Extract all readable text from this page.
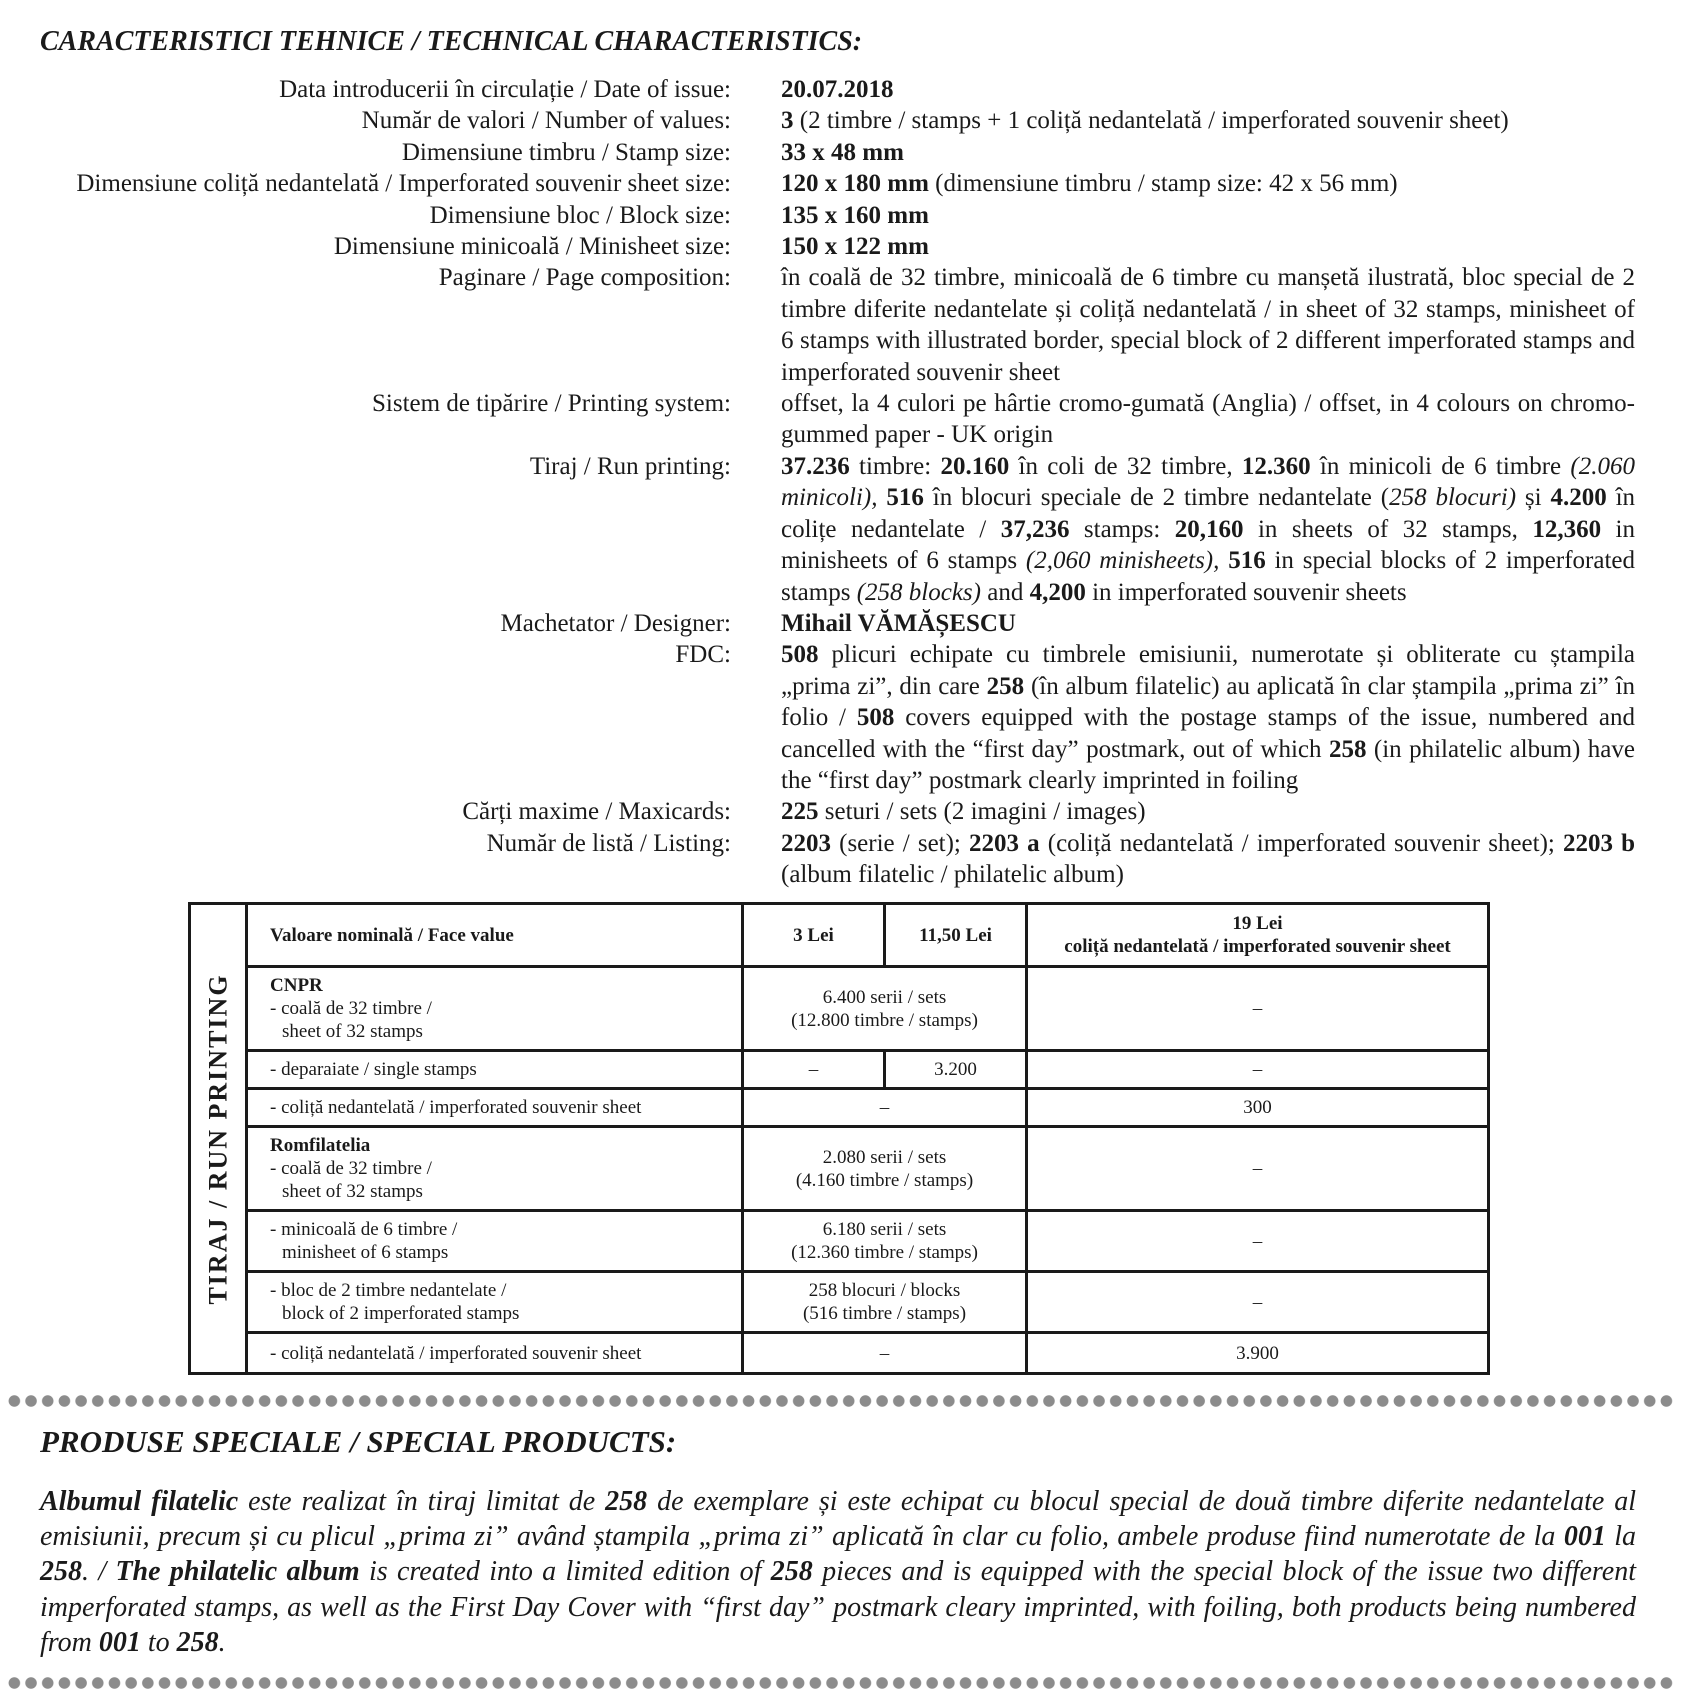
CARACTERISTICI TEHNICE / TECHNICAL CHARACTERISTICS:
Data introducerii în circulație / Date of issue: 20.07.2018
Număr de valori / Number of values: 3 (2 timbre / stamps + 1 coliță nedantelată / imperforated souvenir sheet)
Dimensiune timbru / Stamp size: 33 x 48 mm
Dimensiune coliță nedantelată / Imperforated souvenir sheet size: 120 x 180 mm (dimensiune timbru / stamp size: 42 x 56 mm)
Dimensiune bloc / Block size: 135 x 160 mm
Dimensiune minicoală / Minisheet size: 150 x 122 mm
Paginare / Page composition: în coală de 32 timbre, minicoală de 6 timbre cu manșetă ilustrată, bloc special de 2 timbre diferite nedantelate și coliță nedantelată / in sheet of 32 stamps, minisheet of 6 stamps with illustrated border, special block of 2 different imperforated stamps and imperforated souvenir sheet
Sistem de tipărire / Printing system: offset, la 4 culori pe hârtie cromo-gumată (Anglia) / offset, in 4 colours on chromo-gummed paper - UK origin
Tiraj / Run printing: 37.236 timbre: 20.160 în coli de 32 timbre, 12.360 în minicoli de 6 timbre (2.060 minicoli), 516 în blocuri speciale de 2 timbre nedantelate (258 blocuri) și 4.200 în colițe nedantelate / 37,236 stamps: 20,160 in sheets of 32 stamps, 12,360 in minisheets of 6 stamps (2,060 minisheets), 516 in special blocks of 2 imperforated stamps (258 blocks) and 4,200 in imperforated souvenir sheets
Machetator / Designer: Mihail VĂMĂȘESCU
FDC: 508 plicuri echipate cu timbrele emisiunii, numerotate și obliterate cu ștampila „prima zi”, din care 258 (în album filatelic) au aplicată în clar ștampila „prima zi” în folio / 508 covers equipped with the postage stamps of the issue, numbered and cancelled with the “first day” postmark, out of which 258 (in philatelic album) have the “first day” postmark clearly imprinted in foiling
Cărți maxime / Maxicards: 225 seturi / sets (2 imagini / images)
Număr de listă / Listing: 2203 (serie / set); 2203 a (coliță nedantelată / imperforated souvenir sheet); 2203 b (album filatelic / philatelic album)
TIRAJ / RUN PRINTING	Valoare nominală / Face value	3 Lei	11,50 Lei	19 Lei
coliță nedantelată / imperforated souvenir sheet

	CNPR
- coală de 32 timbre /
sheet of 32 stamps	6.400 serii / sets
(12.800 timbre / stamps)		–
	- deparaiate / single stamps	–	3.200	–
	- coliță nedantelată / imperforated souvenir sheet	–		300

	Romfilatelia
- coală de 32 timbre /
sheet of 32 stamps	2.080 serii / sets
(4.160 timbre / stamps)		–

	- minicoală de 6 timbre /
minisheet of 6 stamps	6.180 serii / sets
(12.360 timbre / stamps)		–

	- bloc de 2 timbre nedantelate /
block of 2 imperforated stamps	258 blocuri / blocks
(516 timbre / stamps)		–
	- coliță nedantelată / imperforated souvenir sheet	–		3.900
PRODUSE SPECIALE / SPECIAL PRODUCTS:

Albumul filatelic este realizat în tiraj limitat de 258 de exemplare și este echipat cu blocul special de două timbre diferite nedantelate al emisiunii, precum și cu plicul „prima zi” având ștampila „prima zi” aplicată în clar cu folio, ambele produse fiind numerotate de la 001 la 258. / The philatelic album is created into a limited edition of 258 pieces and is equipped with the special block of the issue two different imperforated stamps, as well as the First Day Cover with “first day” postmark cleary imprinted, with foiling, both products being numbered from 001 to 258.
